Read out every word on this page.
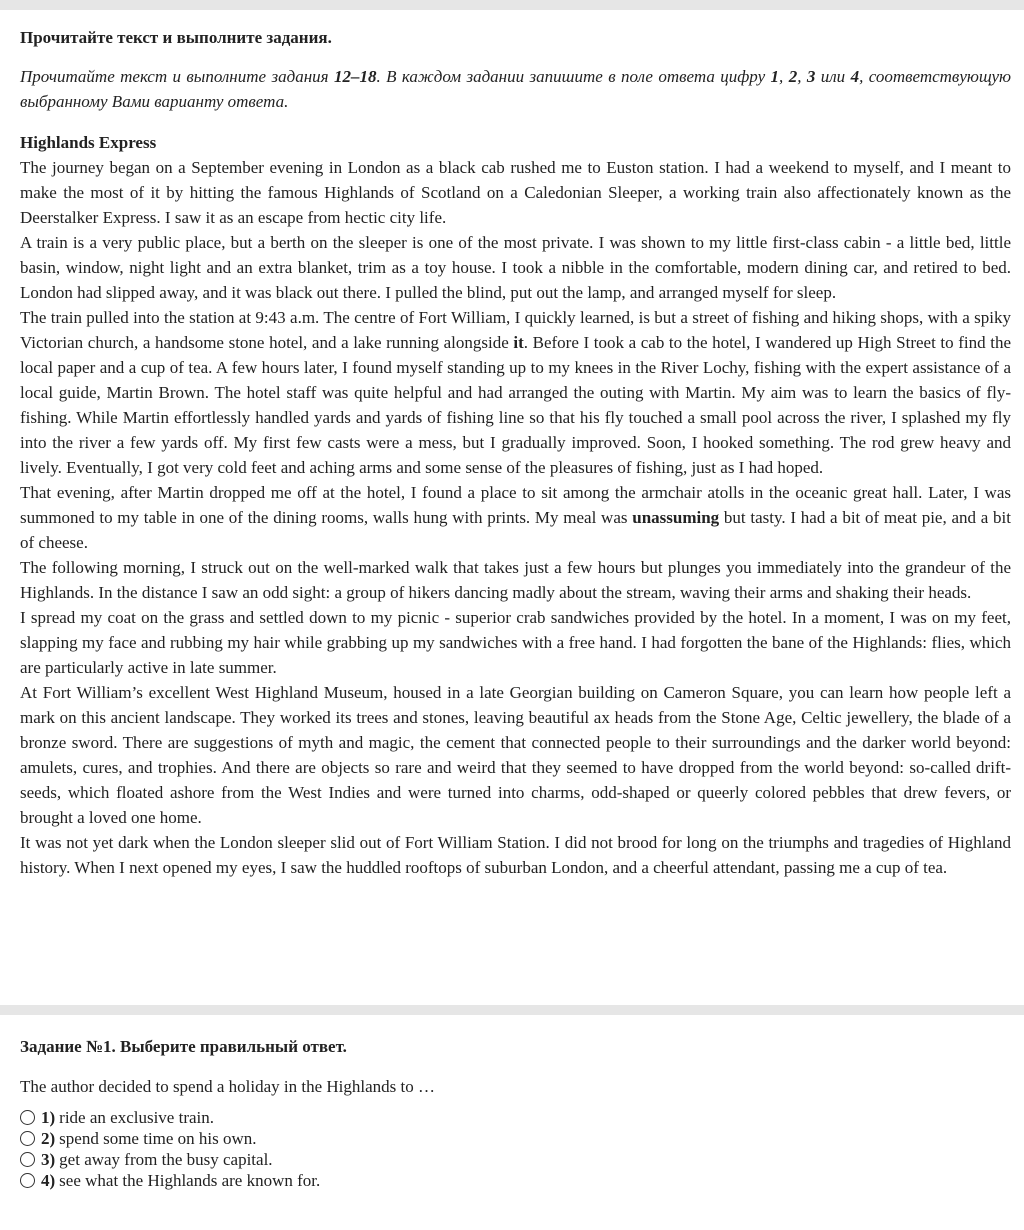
Прочитайте текст и выполните задания.

Прочитайте текст и выполните задания 12–18. В каждом задании запишите в поле ответа цифру 1, 2, 3 или 4, соответствующую выбранному Вами варианту ответа.

Highlands Express

The journey began on a September evening in London as a black cab rushed me to Euston station. I had a weekend to myself, and I meant to make the most of it by hitting the famous Highlands of Scotland on a Caledonian Sleeper, a working train also affectionately known as the Deerstalker Express. I saw it as an escape from hectic city life.

A train is a very public place, but a berth on the sleeper is one of the most private. I was shown to my little first-class cabin - a little bed, little basin, window, night light and an extra blanket, trim as a toy house. I took a nibble in the comfortable, modern dining car, and retired to bed. London had slipped away, and it was black out there. I pulled the blind, put out the lamp, and arranged myself for sleep.

The train pulled into the station at 9:43 a.m. The centre of Fort William, I quickly learned, is but a street of fishing and hiking shops, with a spiky Victorian church, a handsome stone hotel, and a lake running alongside it. Before I took a cab to the hotel, I wandered up High Street to find the local paper and a cup of tea. A few hours later, I found myself standing up to my knees in the River Lochy, fishing with the expert assistance of a local guide, Martin Brown. The hotel staff was quite helpful and had arranged the outing with Martin. My aim was to learn the basics of fly-fishing. While Martin effortlessly handled yards and yards of fishing line so that his fly touched a small pool across the river, I splashed my fly into the river a few yards off. My first few casts were a mess, but I gradually improved. Soon, I hooked something. The rod grew heavy and lively. Eventually, I got very cold feet and aching arms and some sense of the pleasures of fishing, just as I had hoped.

That evening, after Martin dropped me off at the hotel, I found a place to sit among the armchair atolls in the oceanic great hall. Later, I was summoned to my table in one of the dining rooms, walls hung with prints. My meal was unassuming but tasty. I had a bit of meat pie, and a bit of cheese.

The following morning, I struck out on the well-marked walk that takes just a few hours but plunges you immediately into the grandeur of the Highlands. In the distance I saw an odd sight: a group of hikers dancing madly about the stream, waving their arms and shaking their heads.

I spread my coat on the grass and settled down to my picnic - superior crab sandwiches provided by the hotel. In a moment, I was on my feet, slapping my face and rubbing my hair while grabbing up my sandwiches with a free hand. I had forgotten the bane of the Highlands: flies, which are particularly active in late summer.

At Fort William’s excellent West Highland Museum, housed in a late Georgian building on Cameron Square, you can learn how people left a mark on this ancient landscape. They worked its trees and stones, leaving beautiful ax heads from the Stone Age, Celtic jewellery, the blade of a bronze sword. There are suggestions of myth and magic, the cement that connected people to their surroundings and the darker world beyond: amulets, cures, and trophies. And there are objects so rare and weird that they seemed to have dropped from the world beyond: so-called drift-seeds, which floated ashore from the West Indies and were turned into charms, odd-shaped or queerly colored pebbles that drew fevers, or brought a loved one home.

It was not yet dark when the London sleeper slid out of Fort William Station. I did not brood for long on the triumphs and tragedies of Highland history. When I next opened my eyes, I saw the huddled rooftops of suburban London, and a cheerful attendant, passing me a cup of tea.

Задание №1. Выберите правильный ответ.

The author decided to spend a holiday in the Highlands to …

1) ride an exclusive train.
2) spend some time on his own.
3) get away from the busy capital.
4) see what the Highlands are known for.
